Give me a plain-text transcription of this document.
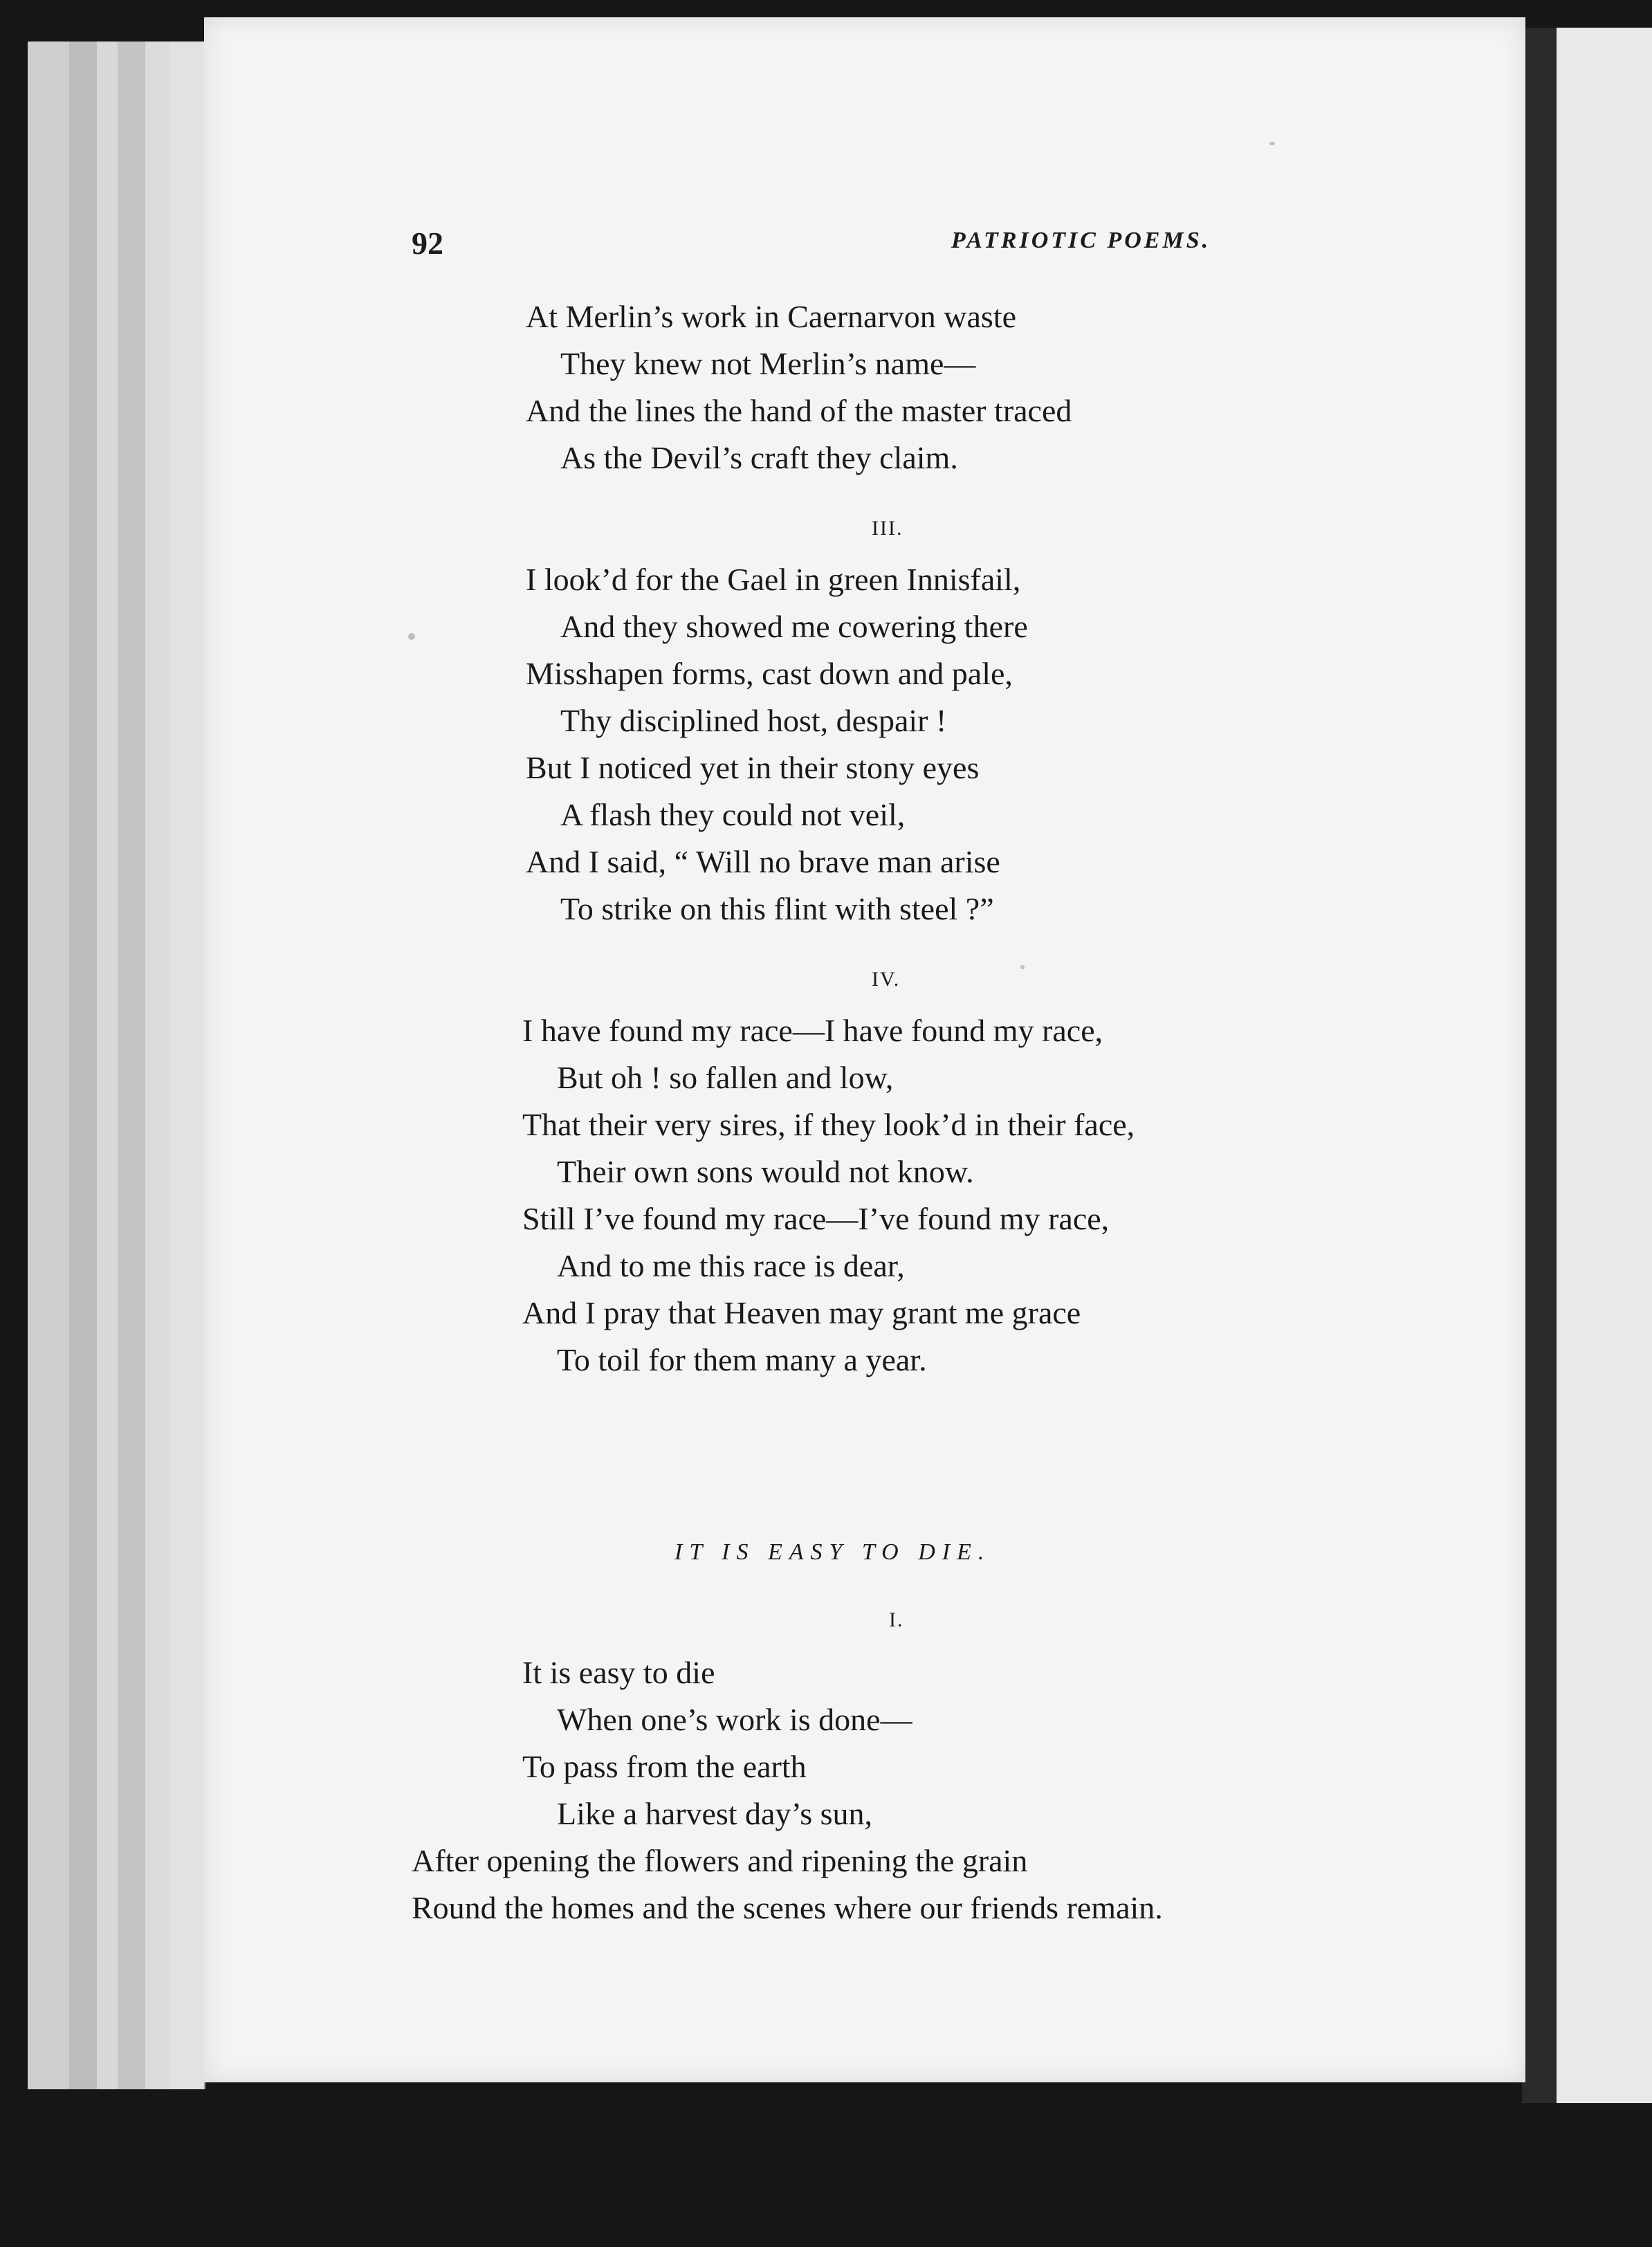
92	PATRIOTIC POEMS.
At Merlin’s work in Caernarvon waste
They knew not Merlin’s name—
And the lines the hand of the master traced
As the Devil’s craft they claim.
III.
I look’d for the Gael in green Innisfail,
And they showed me cowering there
Misshapen forms, cast down and pale,
Thy disciplined host, despair !
But I noticed yet in their stony eyes
A flash they could not veil,
And I said, “ Will no brave man arise
To strike on this flint with steel ?”
IV.
I have found my race—I have found my race,
But oh ! so fallen and low,
That their very sires, if they look’d in their face,
Their own sons would not know.
Still I’ve found my race—I’ve found my race,
And to me this race is dear,
And I pray that Heaven may grant me grace
To toil for them many a year.
IT IS EASY TO DIE.
I.
It is easy to die
When one’s work is done—
To pass from the earth
Like a harvest day’s sun,
After opening the flowers and ripening the grain
Round the homes and the scenes where our friends remain.
